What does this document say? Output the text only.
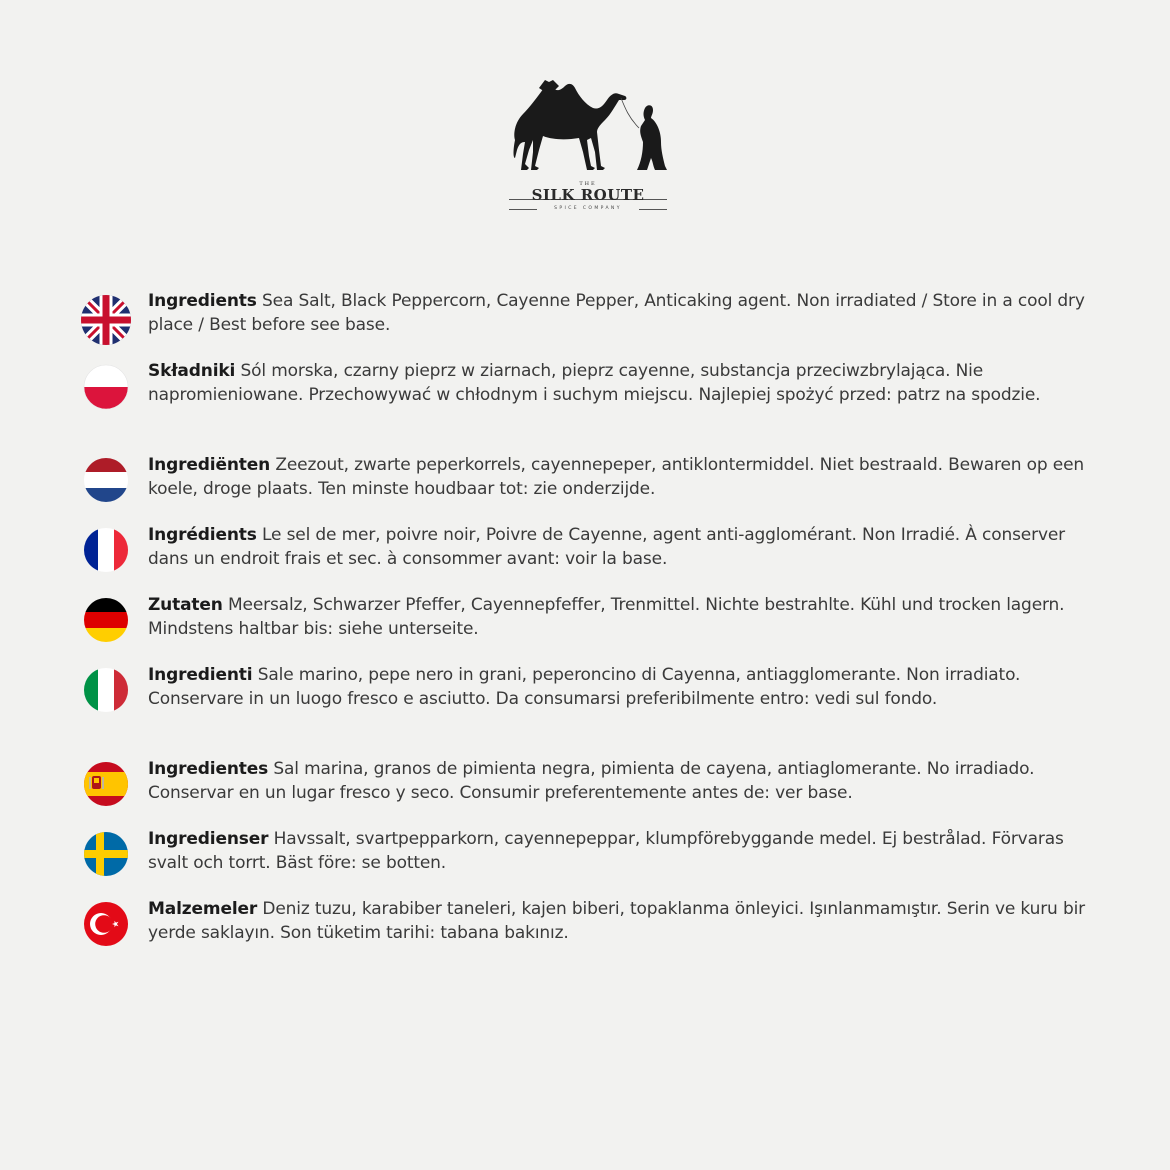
THE
SILK ROUTE
SPICE COMPANY

Ingredients Sea Salt, Black Peppercorn, Cayenne Pepper, Anticaking agent. Non irradiated / Store in a cool dry place / Best before see base.

Składniki Sól morska, czarny pieprz w ziarnach, pieprz cayenne, substancja przeciwzbrylająca. Nie napromieniowane. Przechowywać w chłodnym i suchym miejscu. Najlepiej spożyć przed: patrz na spodzie.

Ingrediënten Zeezout, zwarte peperkorrels, cayennepeper, antiklontermiddel. Niet bestraald. Bewaren op een koele, droge plaats. Ten minste houdbaar tot: zie onderzijde.

Ingrédients Le sel de mer, poivre noir, Poivre de Cayenne, agent anti-agglomérant. Non Irradié. À conserver dans un endroit frais et sec. à consommer avant: voir la base.

Zutaten Meersalz, Schwarzer Pfeffer, Cayennepfeffer, Trenmittel. Nichte bestrahlte. Kühl und trocken lagern. Mindstens haltbar bis: siehe unterseite.

Ingredienti Sale marino, pepe nero in grani, peperoncino di Cayenna, antiagglomerante. Non irradiato. Conservare in un luogo fresco e asciutto. Da consumarsi preferibilmente entro: vedi sul fondo.

Ingredientes Sal marina, granos de pimienta negra, pimienta de cayena, antiaglomerante. No irradiado. Conservar en un lugar fresco y seco. Consumir preferentemente antes de: ver base.

Ingredienser Havssalt, svartpepparkorn, cayennepeppar, klumpförebyggande medel. Ej bestrålad. Förvaras svalt och torrt. Bäst före: se botten.

Malzemeler Deniz tuzu, karabiber taneleri, kajen biberi, topaklanma önleyici. Işınlanmamıştır. Serin ve kuru bir yerde saklayın. Son tüketim tarihi: tabana bakınız.
